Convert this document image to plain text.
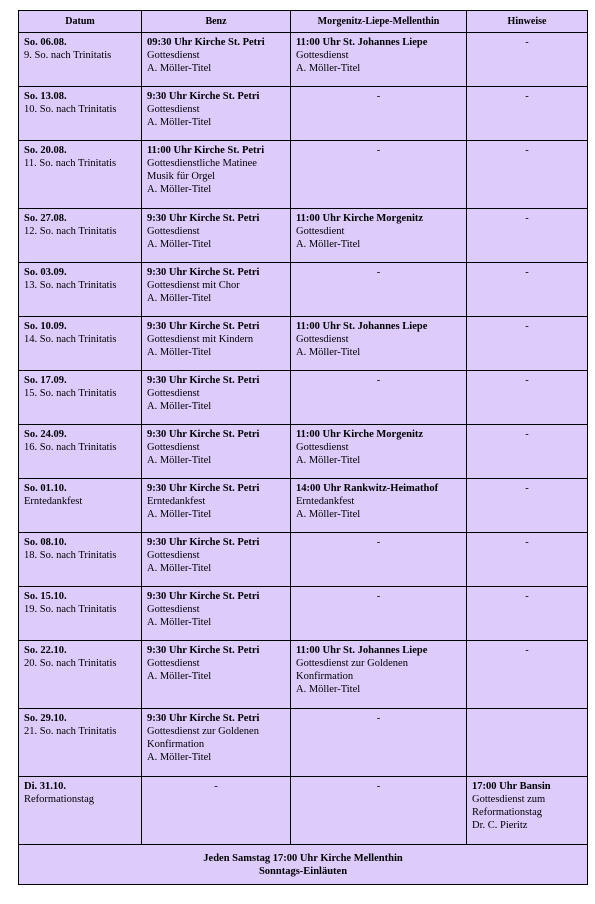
Datum	Benz	Morgenitz-Liepe-Mellenthin	Hinweise

So. 06.08.
9. So. nach Trinitatis	09:30 Uhr Kirche St. Petri
Gottesdienst
A. Möller-Titel	11:00 Uhr St. Johannes Liepe
Gottesdienst
A. Möller-Titel	-

So. 13.08.
10. So. nach Trinitatis	9:30 Uhr Kirche St. Petri
Gottesdienst
A. Möller-Titel	-	-

So. 20.08.
11. So. nach Trinitatis	11:00 Uhr Kirche St. Petri
Gottesdienstliche Matinee
Musik für Orgel
A. Möller-Titel	-	-

So. 27.08.
12. So. nach Trinitatis	9:30 Uhr Kirche St. Petri
Gottesdienst
A. Möller-Titel	11:00 Uhr Kirche Morgenitz
Gottesdient
A. Möller-Titel	-

So. 03.09.
13. So. nach Trinitatis	9:30 Uhr Kirche St. Petri
Gottesdienst mit Chor
A. Möller-Titel	-	-

So. 10.09.
14. So. nach Trinitatis	9:30 Uhr Kirche St. Petri
Gottesdienst mit Kindern
A. Möller-Titel	11:00 Uhr St. Johannes Liepe
Gottesdienst
A. Möller-Titel	-

So. 17.09.
15. So. nach Trinitatis	9:30 Uhr Kirche St. Petri
Gottesdienst
A. Möller-Titel	-	-

So. 24.09.
16. So. nach Trinitatis	9:30 Uhr Kirche St. Petri
Gottesdienst
A. Möller-Titel	11:00 Uhr Kirche Morgenitz
Gottesdienst
A. Möller-Titel	-

So. 01.10.
Erntedankfest	9:30 Uhr Kirche St. Petri
Erntedankfest
A. Möller-Titel	14:00 Uhr Rankwitz-Heimathof
Erntedankfest
A. Möller-Titel	-

So. 08.10.
18. So. nach Trinitatis	9:30 Uhr Kirche St. Petri
Gottesdienst
A. Möller-Titel	-	-

So. 15.10.
19. So. nach Trinitatis	9:30 Uhr Kirche St. Petri
Gottesdienst
A. Möller-Titel	-	-

So. 22.10.
20. So. nach Trinitatis	9:30 Uhr Kirche St. Petri
Gottesdienst
A. Möller-Titel	11:00 Uhr St. Johannes Liepe
Gottesdienst zur Goldenen
Konfirmation
A. Möller-Titel	-

So. 29.10.
21. So. nach Trinitatis	9:30 Uhr Kirche St. Petri
Gottesdienst zur Goldenen
Konfirmation
A. Möller-Titel	-	

Di. 31.10.
Reformationstag	-	-	17:00 Uhr Bansin
Gottesdienst zum
Reformationstag
Dr. C. Pieritz

Jeden Samstag 17:00 Uhr Kirche Mellenthin
Sonntags-Einläuten			
